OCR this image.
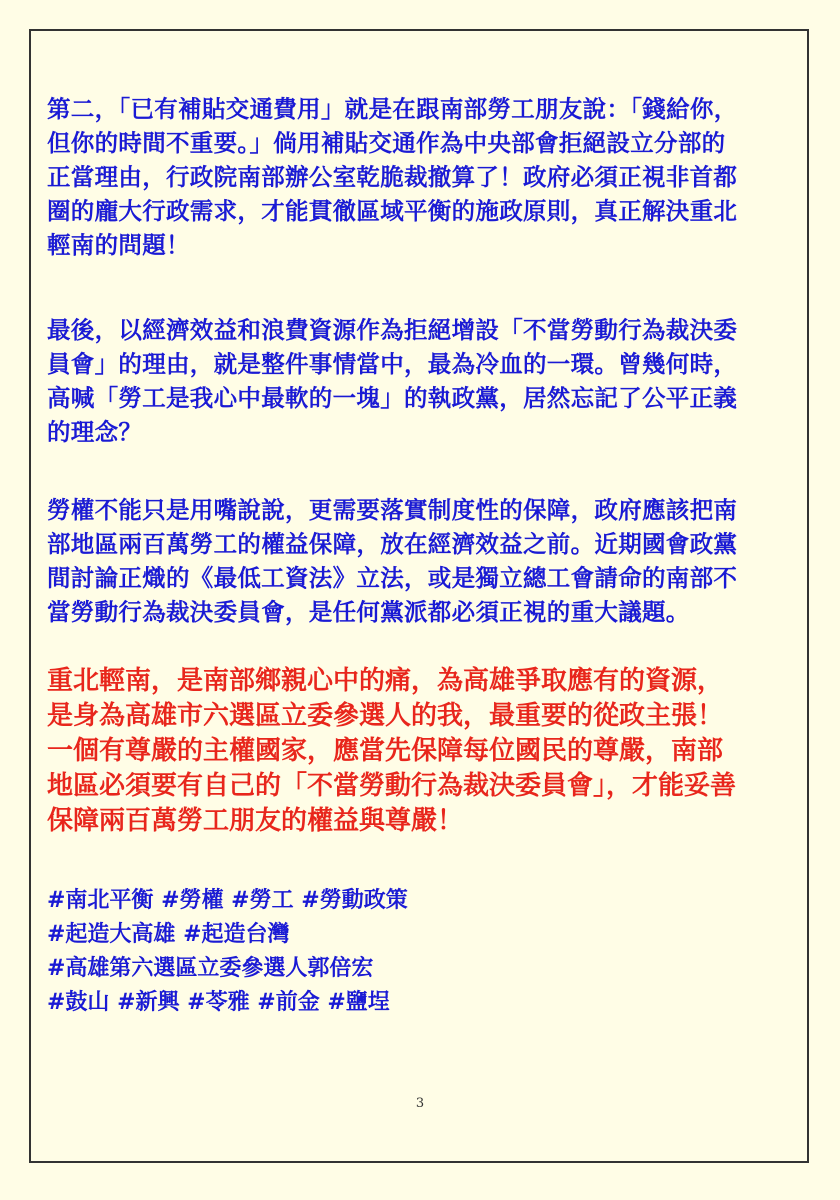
第二，「已有補貼交通費用」就是在跟南部勞工朋友說：「錢給你，
但你的時間不重要。」倘用補貼交通作為中央部會拒絕設立分部的
正當理由，行政院南部辦公室乾脆裁撤算了！政府必須正視非首都
圈的龐大行政需求，才能貫徹區域平衡的施政原則，真正解決重北
輕南的問題！
最後，以經濟效益和浪費資源作為拒絕增設「不當勞動行為裁決委
員會」的理由，就是整件事情當中，最為冷血的一環。曾幾何時，
高喊「勞工是我心中最軟的一塊」的執政黨，居然忘記了公平正義
的理念？
勞權不能只是用嘴說說，更需要落實制度性的保障，政府應該把南
部地區兩百萬勞工的權益保障，放在經濟效益之前。近期國會政黨
間討論正熾的《最低工資法》立法，或是獨立總工會請命的南部不
當勞動行為裁決委員會，是任何黨派都必須正視的重大議題。
重北輕南，是南部鄉親心中的痛，為高雄爭取應有的資源，
是身為高雄市六選區立委參選人的我，最重要的從政主張！
一個有尊嚴的主權國家，應當先保障每位國民的尊嚴，南部
地區必須要有自己的「不當勞動行為裁決委員會」，才能妥善
保障兩百萬勞工朋友的權益與尊嚴！
#南北平衡 #勞權 #勞工 #勞動政策
#起造大高雄 #起造台灣
#高雄第六選區立委參選人郭倍宏
#鼓山 #新興 #苓雅 #前金 #鹽埕
3
